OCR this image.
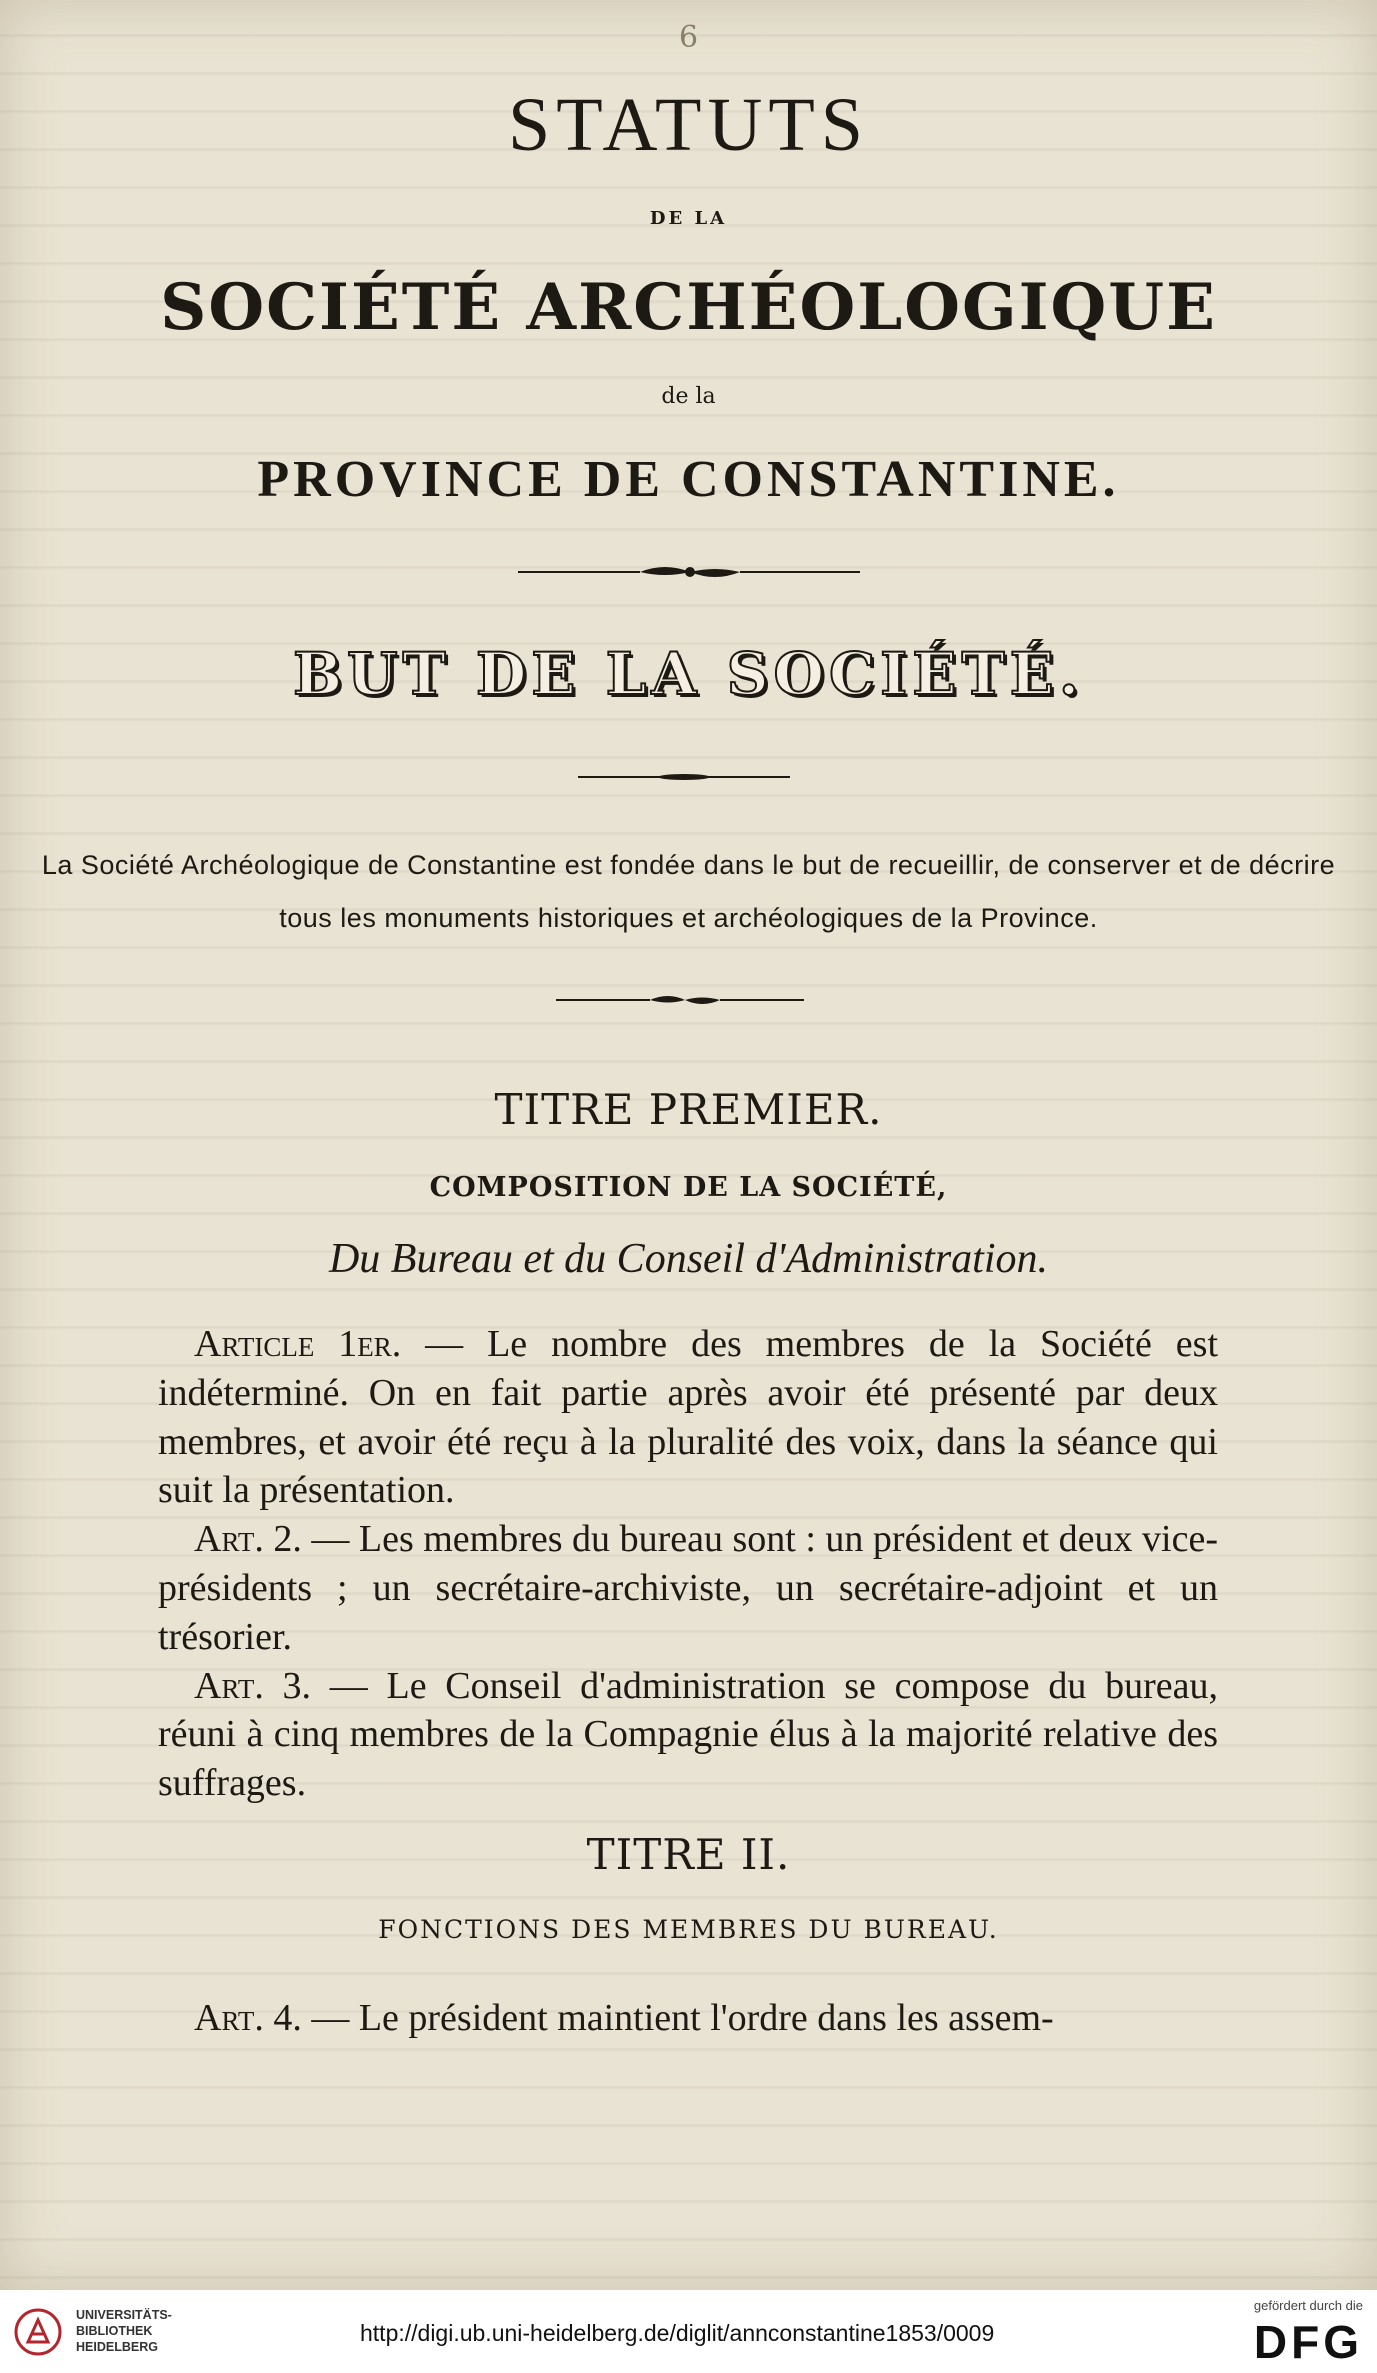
6
STATUTS
DE LA
SOCIÉTÉ ARCHÉOLOGIQUE
de la
PROVINCE DE CONSTANTINE.
BUT DE LA SOCIÉTÉ.
La Société Archéologique de Constantine est fondée dans le but de recueillir, de conserver et de décrire
tous les monuments historiques et archéologiques de la Province.
TITRE PREMIER.
COMPOSITION DE LA SOCIÉTÉ,
Du Bureau et du Conseil d'Administration.

Article 1er. — Le nombre des membres de la Société est indéterminé. On en fait partie après avoir été présenté par deux membres, et avoir été reçu à la pluralité des voix, dans la séance qui suit la présentation.

Art. 2. — Les membres du bureau sont : un président et deux vice-présidents ; un secrétaire-archiviste, un secrétaire-adjoint et un trésorier.

Art. 3. — Le Conseil d'administration se compose du bureau, réuni à cinq membres de la Compagnie élus à la majorité relative des suffrages.

TITRE II.
FONCTIONS DES MEMBRES DU BUREAU.
Art. 4. — Le président maintient l'ordre dans les assem-
UNIVERSITÄTS-
BIBLIOTHEK
HEIDELBERG
http://digi.ub.uni-heidelberg.de/diglit/annconstantine1853/0009
gefördert durch die
DFG
